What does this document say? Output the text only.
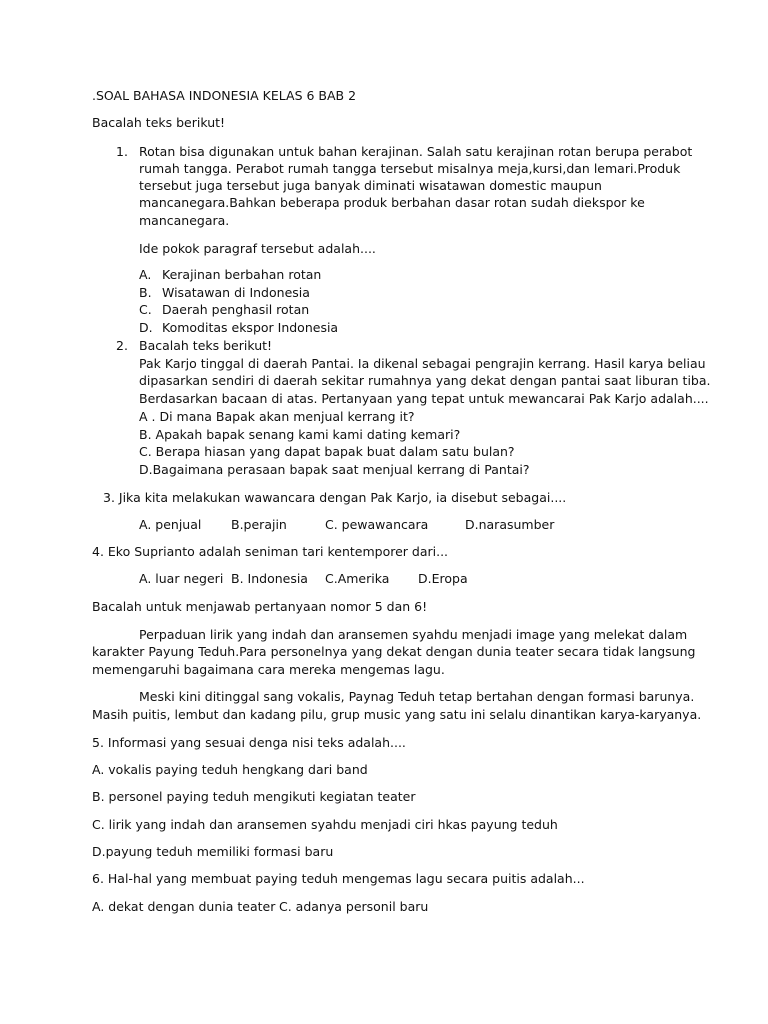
.SOAL BAHASA INDONESIA KELAS 6 BAB 2

Bacalah teks berikut!

1. Rotan bisa digunakan untuk bahan kerajinan. Salah satu kerajinan rotan berupa perabot

rumah tangga. Perabot rumah tangga tersebut misalnya meja,kursi,dan lemari.Produk

tersebut juga tersebut juga banyak diminati wisatawan domestic maupun

mancanegara.Bahkan beberapa produk berbahan dasar rotan sudah diekspor ke

mancanegara.

Ide pokok paragraf tersebut adalah....

A. Kerajinan berbahan rotan
B. Wisatawan di Indonesia
C. Daerah penghasil rotan
D. Komoditas ekspor Indonesia
2. Bacalah teks berikut!

Pak Karjo tinggal di daerah Pantai. Ia dikenal sebagai pengrajin kerrang. Hasil karya beliau

dipasarkan sendiri di daerah sekitar rumahnya yang dekat dengan pantai saat liburan tiba.

Berdasarkan bacaan di atas. Pertanyaan yang tepat untuk mewancarai Pak Karjo adalah....

A . Di mana Bapak akan menjual kerrang it?

B. Apakah bapak senang kami kami dating kemari?

C. Berapa hiasan yang dapat bapak buat dalam satu bulan?

D.Bagaimana perasaan bapak saat menjual kerrang di Pantai?

3. Jika kita melakukan wawancara dengan Pak Karjo, ia disebut sebagai....

A. penjual B.perajin	C. pewawancara	D.narasumber

4. Eko Suprianto adalah seniman tari kentemporer dari...

A. luar negeri B. Indonesia C.Amerika D.Eropa

Bacalah untuk menjawab pertanyaan nomor 5 dan 6!

Perpaduan lirik yang indah dan aransemen syahdu menjadi image yang melekat dalam

karakter Payung Teduh.Para personelnya yang dekat dengan dunia teater secara tidak langsung

memengaruhi bagaimana cara mereka mengemas lagu.

Meski kini ditinggal sang vokalis, Paynag Teduh tetap bertahan dengan formasi barunya.

Masih puitis, lembut dan kadang pilu, grup music yang satu ini selalu dinantikan karya-karyanya.

5. Informasi yang sesuai denga nisi teks adalah....

A. vokalis paying teduh hengkang dari band

B. personel paying teduh mengikuti kegiatan teater

C. lirik yang indah dan aransemen syahdu menjadi ciri hkas payung teduh

D.payung teduh memiliki formasi baru

6. Hal-hal yang membuat paying teduh mengemas lagu secara puitis adalah...

A. dekat dengan dunia teater C. adanya personil baru
